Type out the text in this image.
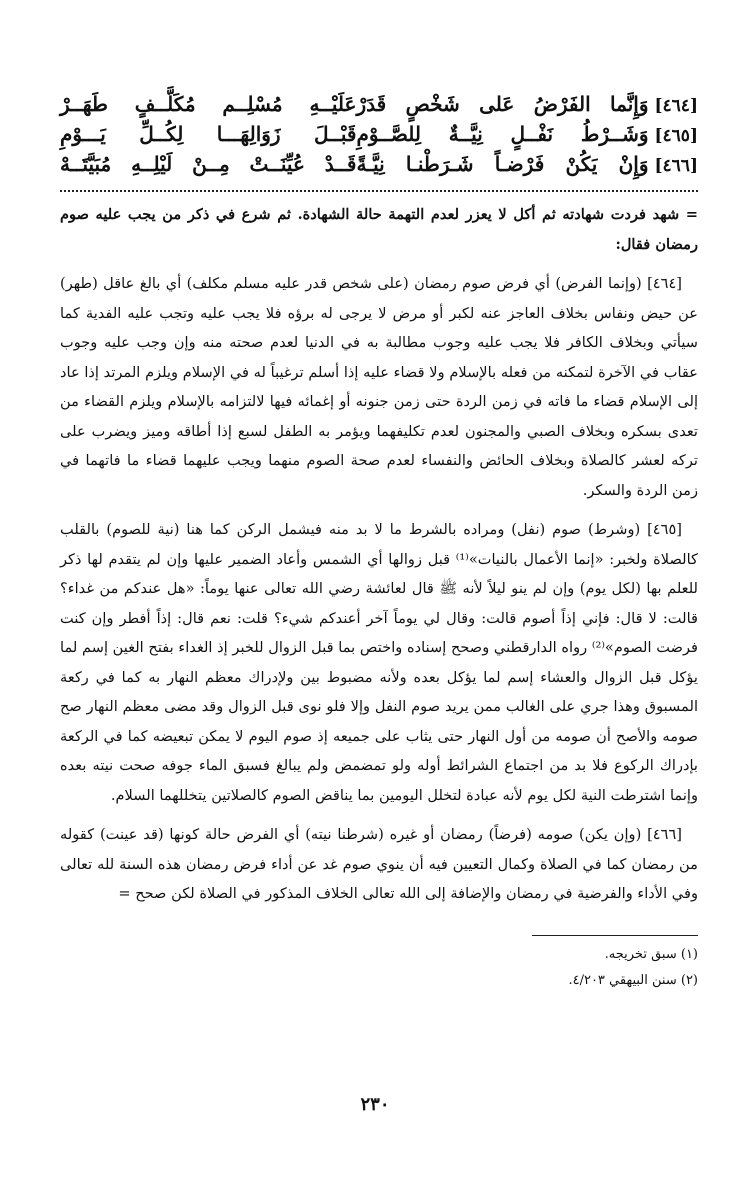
[٤٦٤]
وَإِنَّما الفَرْضُ عَلى شَخْصٍ قَدَرْ
عَلَيْــهِ مُسْلِــم مُكَلَّــفٍ طَهَــرْ
[٤٦٥]
وَشَــرْطُ نَفْــلٍ نِيَّــةٌ لِلصَّــوْمِ
قَبْــلَ زَوَالِهَـــا لِكُــلِّ يَـــوْمِ
[٤٦٦]
وَإِنْ يَكُنْ فَرْضـاً شَـرَطْنـا نِيَّـةً
قَــدْ عُيِّنَــتْ مِــنْ لَيْلِــهِ مُبَيَّتَــهْ

= شهد فردت شهادته ثم أكل لا يعزر لعدم التهمة حالة الشهادة. ثم شرع في ذكر من يجب عليه صوم رمضان فقال:

[٤٦٤] (وإنما الفرض) أي فرض صوم رمضان (على شخص قدر عليه مسلم مكلف) أي بالغ عاقل (طهر) عن حيض ونفاس بخلاف العاجز عنه لكبر أو مرض لا يرجى له برؤه فلا يجب عليه وتجب عليه الفدية كما سيأتي وبخلاف الكافر فلا يجب عليه وجوب مطالبة به في الدنيا لعدم صحته منه وإن وجب عليه وجوب عقاب في الآخرة لتمكنه من فعله بالإسلام ولا قضاء عليه إذا أسلم ترغيباً له في الإسلام ويلزم المرتد إذا عاد إلى الإسلام قضاء ما فاته في زمن الردة حتى زمن جنونه أو إغمائه فيها لالتزامه بالإسلام ويلزم القضاء من تعدى بسكره وبخلاف الصبي والمجنون لعدم تكليفهما ويؤمر به الطفل لسبع إذا أطاقه وميز ويضرب على تركه لعشر كالصلاة وبخلاف الحائض والنفساء لعدم صحة الصوم منهما ويجب عليهما قضاء ما فاتهما في زمن الردة والسكر.

[٤٦٥] (وشرط) صوم (نفل) ومراده بالشرط ما لا بد منه فيشمل الركن كما هنا (نية للصوم) بالقلب كالصلاة ولخبر: «إنما الأعمال بالنيات»⁽¹⁾ قبل زوالها أي الشمس وأعاد الضمير عليها وإن لم يتقدم لها ذكر للعلم بها (لكل يوم) وإن لم ينو ليلاً لأنه ﷺ قال لعائشة رضي الله تعالى عنها يوماً: «هل عندكم من غداء؟ قالت: لا قال: فإني إذاً أصوم قالت: وقال لي يوماً آخر أعندكم شيء؟ قلت: نعم قال: إذاً أفطر وإن كنت فرضت الصوم»⁽²⁾ رواه الدارقطني وصحح إسناده واختص بما قبل الزوال للخبر إذ الغداء بفتح الغين إسم لما يؤكل قبل الزوال والعشاء إسم لما يؤكل بعده ولأنه مضبوط بين ولإدراك معظم النهار به كما في ركعة المسبوق وهذا جري على الغالب ممن يريد صوم النفل وإلا فلو نوى قبل الزوال وقد مضى معظم النهار صح صومه والأصح أن صومه من أول النهار حتى يثاب على جميعه إذ صوم اليوم لا يمكن تبعيضه كما في الركعة بإدراك الركوع فلا بد من اجتماع الشرائط أوله ولو تمضمض ولم يبالغ فسبق الماء جوفه صحت نيته بعده وإنما اشترطت النية لكل يوم لأنه عبادة لتخلل اليومين بما يناقض الصوم كالصلاتين يتخللهما السلام.

[٤٦٦] (وإن يكن) صومه (فرضاً) رمضان أو غيره (شرطنا نيته) أي الفرض حالة كونها (قد عينت) كقوله من رمضان كما في الصلاة وكمال التعيين فيه أن ينوي صوم غد عن أداء فرض رمضان هذه السنة لله تعالى وفي الأداء والفرضية في رمضان والإضافة إلى الله تعالى الخلاف المذكور في الصلاة لكن صحح =

(١) سبق تخريجه.
(٢) سنن البيهقي ٤/٢٠٣.
٢٣٠
